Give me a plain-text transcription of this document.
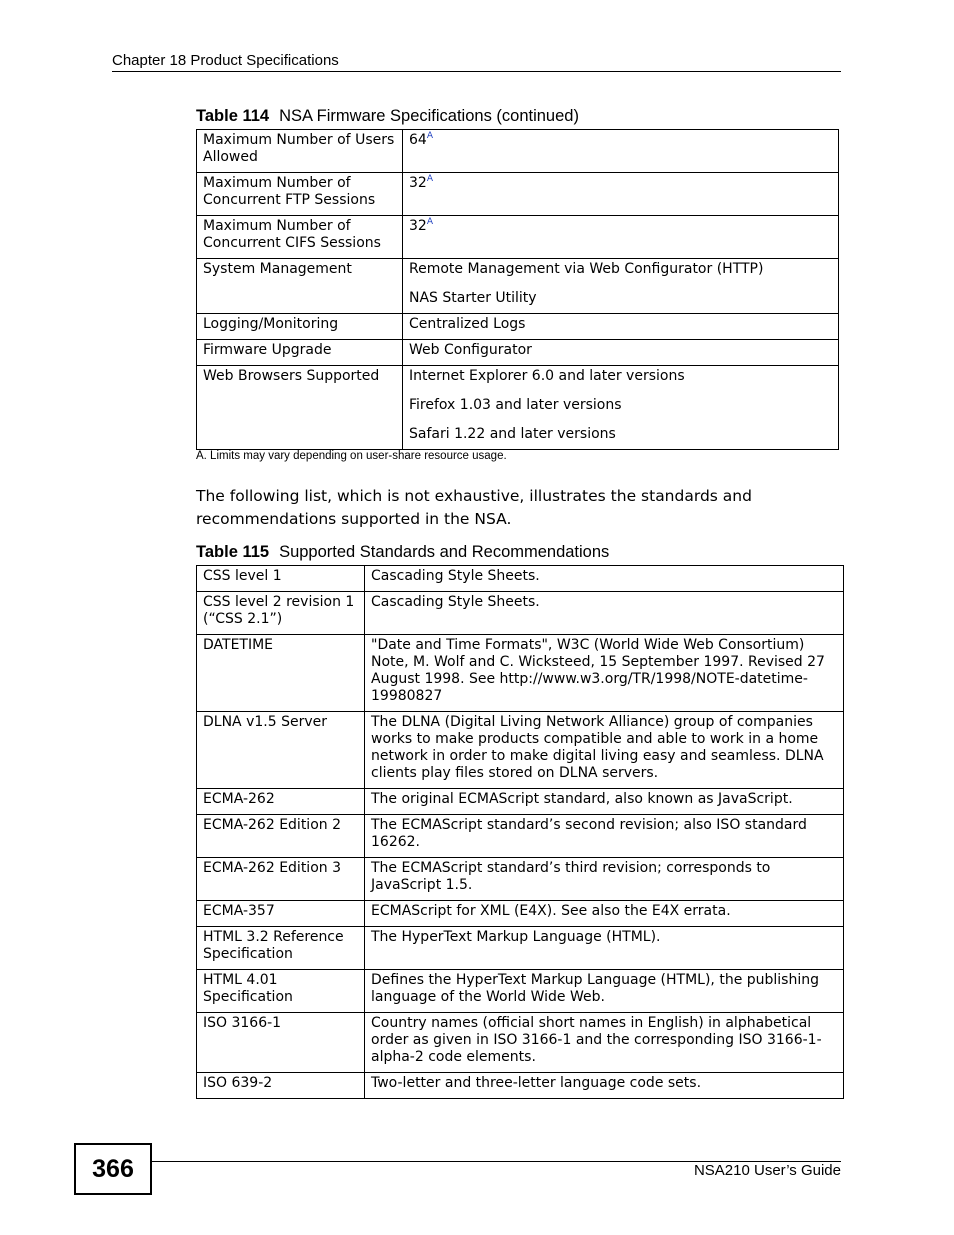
Chapter 18 Product Specifications
Table 114 NSA Firmware Specifications (continued)
Maximum Number of Users Allowed	64$^A$

Maximum Number of Concurrent FTP Sessions	32$^A$

Maximum Number of Concurrent CIFS Sessions	32$^A$

System Management	Remote Management via Web Configurator (HTTP)

NAS Starter Utility

Logging/Monitoring	Centralized Logs

Firmware Upgrade	Web Configurator

Web Browsers Supported	Internet Explorer 6.0 and later versions

Firefox 1.03 and later versions

Safari 1.22 and later versions

A. Limits may vary depending on user-share resource usage.
The following list, which is not exhaustive, illustrates the standards and recommendations supported in the NSA.
Table 115 Supported Standards and Recommendations
CSS level 1	Cascading Style Sheets.
CSS level 2 revision 1 (“CSS 2.1”)	Cascading Style Sheets.
DATETIME	"Date and Time Formats", W3C (World Wide Web Consortium) Note, M. Wolf and C. Wicksteed, 15 September 1997. Revised 27 August 1998. See http://www.w3.org/TR/1998/NOTE-datetime-19980827
DLNA v1.5 Server	The DLNA (Digital Living Network Alliance) group of companies works to make products compatible and able to work in a home network in order to make digital living easy and seamless. DLNA clients play files stored on DLNA servers.
ECMA-262	The original ECMAScript standard, also known as JavaScript.
ECMA-262 Edition 2	The ECMAScript standard’s second revision; also ISO standard 16262.
ECMA-262 Edition 3	The ECMAScript standard’s third revision; corresponds to JavaScript 1.5.
ECMA-357	ECMAScript for XML (E4X). See also the E4X errata.
HTML 3.2 Reference Specification	The HyperText Markup Language (HTML).
HTML 4.01 Specification	Defines the HyperText Markup Language (HTML), the publishing language of the World Wide Web.
ISO 3166-1	Country names (official short names in English) in alphabetical order as given in ISO 3166-1 and the corresponding ISO 3166-1-alpha-2 code elements.
ISO 639-2	Two-letter and three-letter language code sets.
366	NSA210 User’s Guide
